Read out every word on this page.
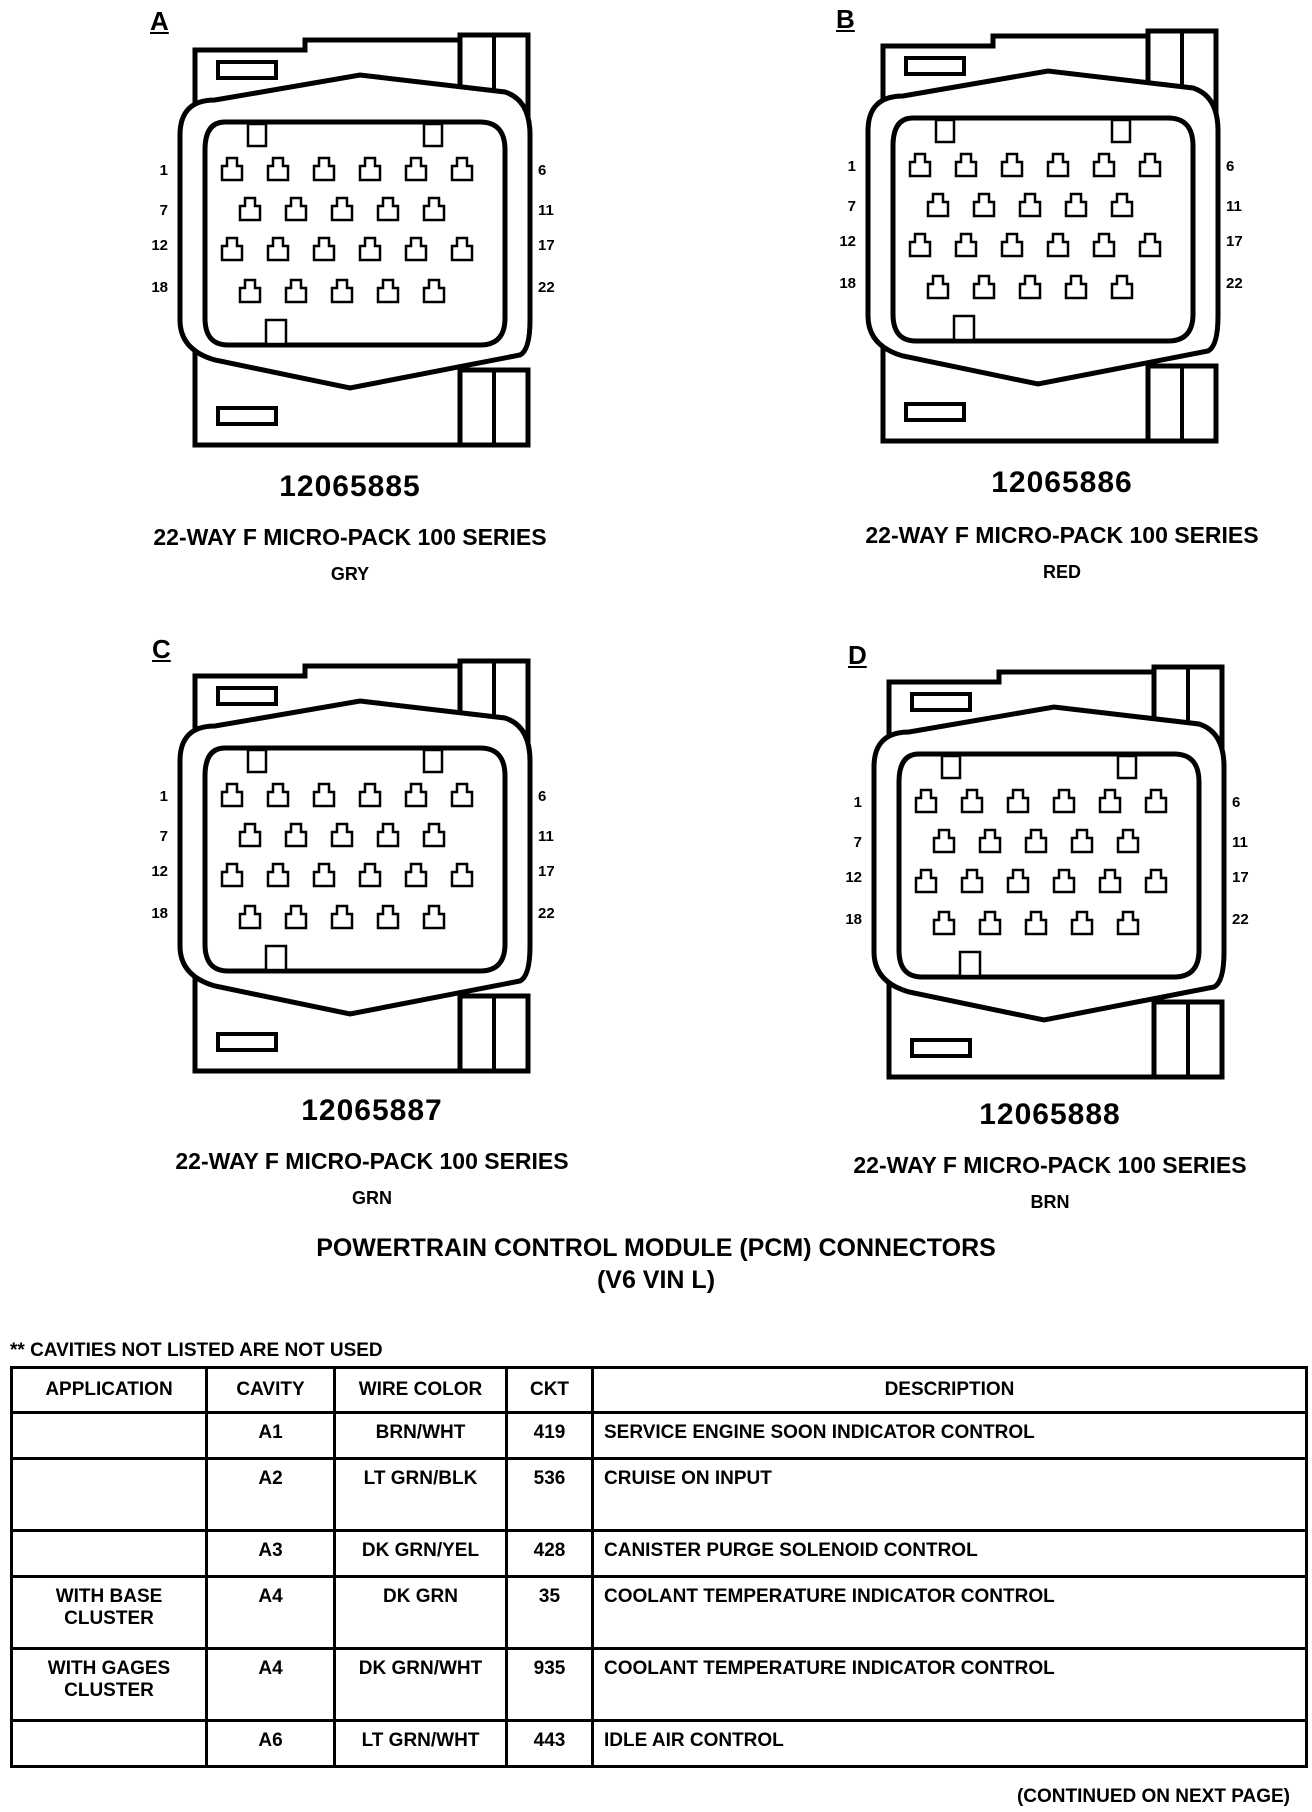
A	B
C	D
1
7
12
18
6
11
17
22
1
7
12
18
6
11
17
22
1
7
12
18
6
11
17
22
1
7
12
18
6
11
17
22
12065885
22-WAY F MICRO-PACK 100 SERIES
GRY
12065886
22-WAY F MICRO-PACK 100 SERIES
RED
12065887
22-WAY F MICRO-PACK 100 SERIES
GRN
12065888
22-WAY F MICRO-PACK 100 SERIES
BRN
POWERTRAIN CONTROL MODULE (PCM) CONNECTORS
(V6 VIN L)
** CAVITIES NOT LISTED ARE NOT USED
APPLICATION	CAVITY	WIRE COLOR	CKT	DESCRIPTION
	A1	BRN/WHT	419	SERVICE ENGINE SOON INDICATOR CONTROL
	A2	LT GRN/BLK	536	CRUISE ON INPUT
	A3	DK GRN/YEL	428	CANISTER PURGE SOLENOID CONTROL
WITH BASE CLUSTER	A4	DK GRN	35	COOLANT TEMPERATURE INDICATOR CONTROL
WITH GAGES CLUSTER	A4	DK GRN/WHT	935	COOLANT TEMPERATURE INDICATOR CONTROL
	A6	LT GRN/WHT	443	IDLE AIR CONTROL
(CONTINUED ON NEXT PAGE)
